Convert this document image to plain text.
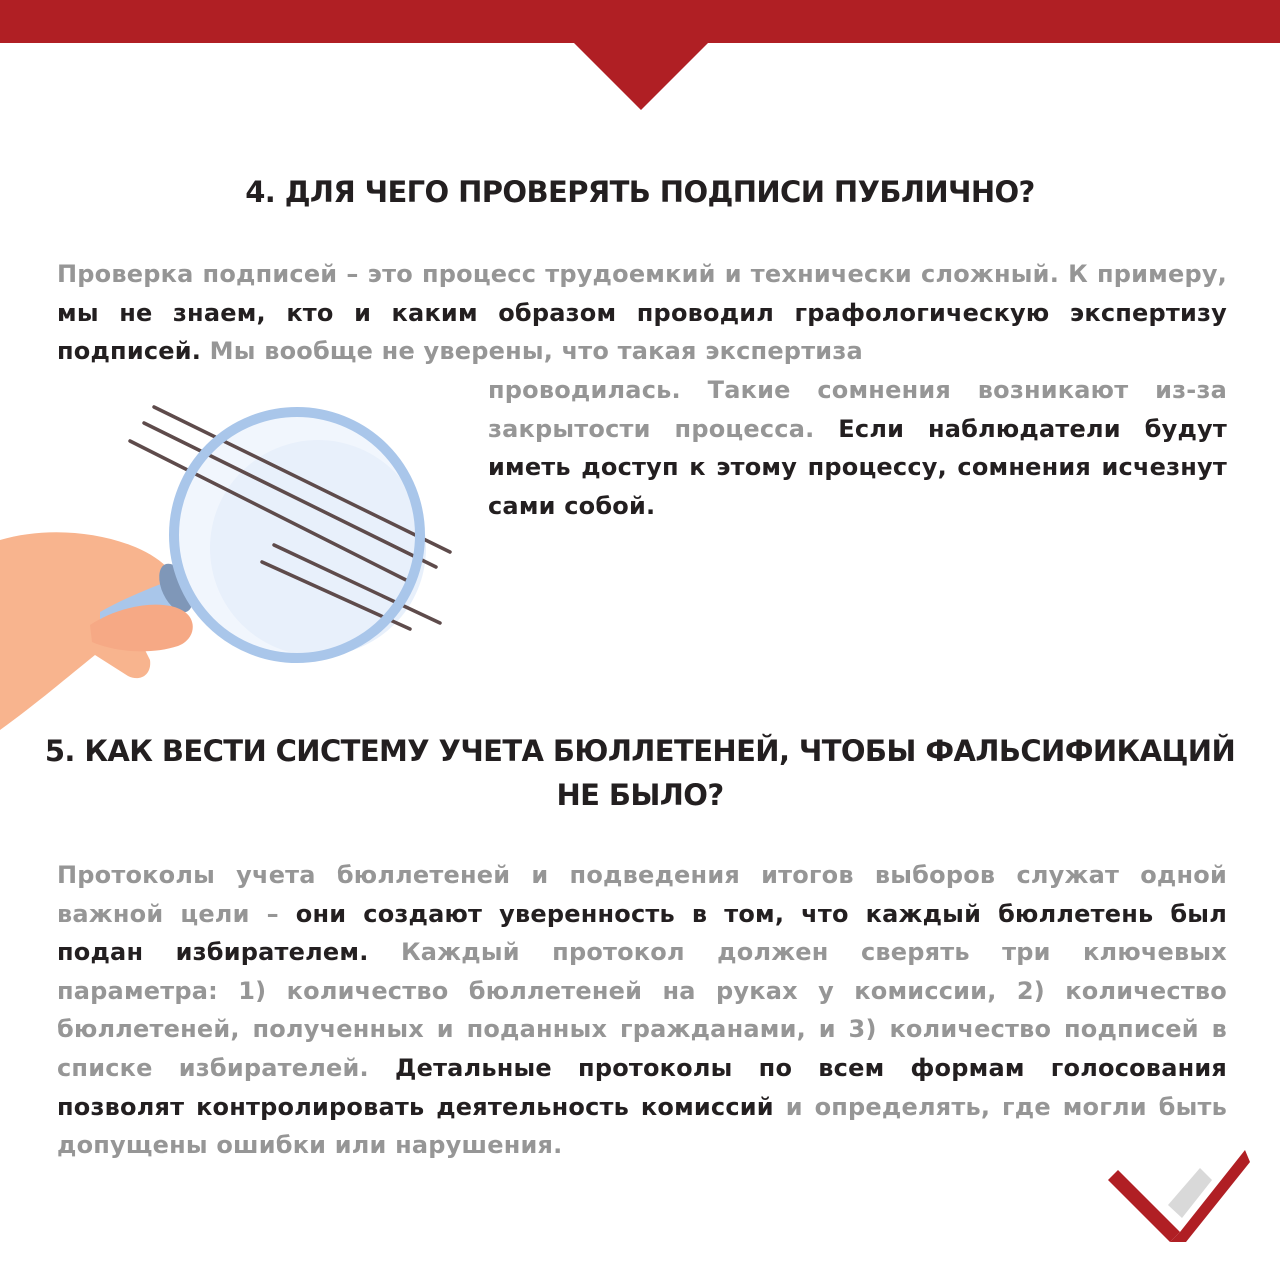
4. ДЛЯ ЧЕГО ПРОВЕРЯТЬ ПОДПИСИ ПУБЛИЧНО?
Проверка подписей – это процесс трудоемкий и технически сложный. К примеру, мы не знаем, кто и каким образом проводил графологическую экспертизу подписей. Мы вообще не уверены, что такая экспертиза
проводилась. Такие сомнения возникают из-за закрытости процесса. Если наблюдатели будут иметь доступ к этому процессу, сомнения исчезнут сами собой.
5. КАК ВЕСТИ СИСТЕМУ УЧЕТА БЮЛЛЕТЕНЕЙ, ЧТОБЫ ФАЛЬСИФИКАЦИЙ НЕ БЫЛО?
Протоколы учета бюллетеней и подведения итогов выборов служат одной важной цели – они создают уверенность в том, что каждый бюллетень был подан избирателем. Каждый протокол должен сверять три ключевых параметра: 1) количество бюллетеней на руках у комиссии, 2) количество бюллетеней, полученных и поданных гражданами, и 3) количество подписей в списке избирателей. Детальные протоколы по всем формам голосования позволят контролировать деятельность комиссий и определять, где могли быть допущены ошибки или нарушения.
